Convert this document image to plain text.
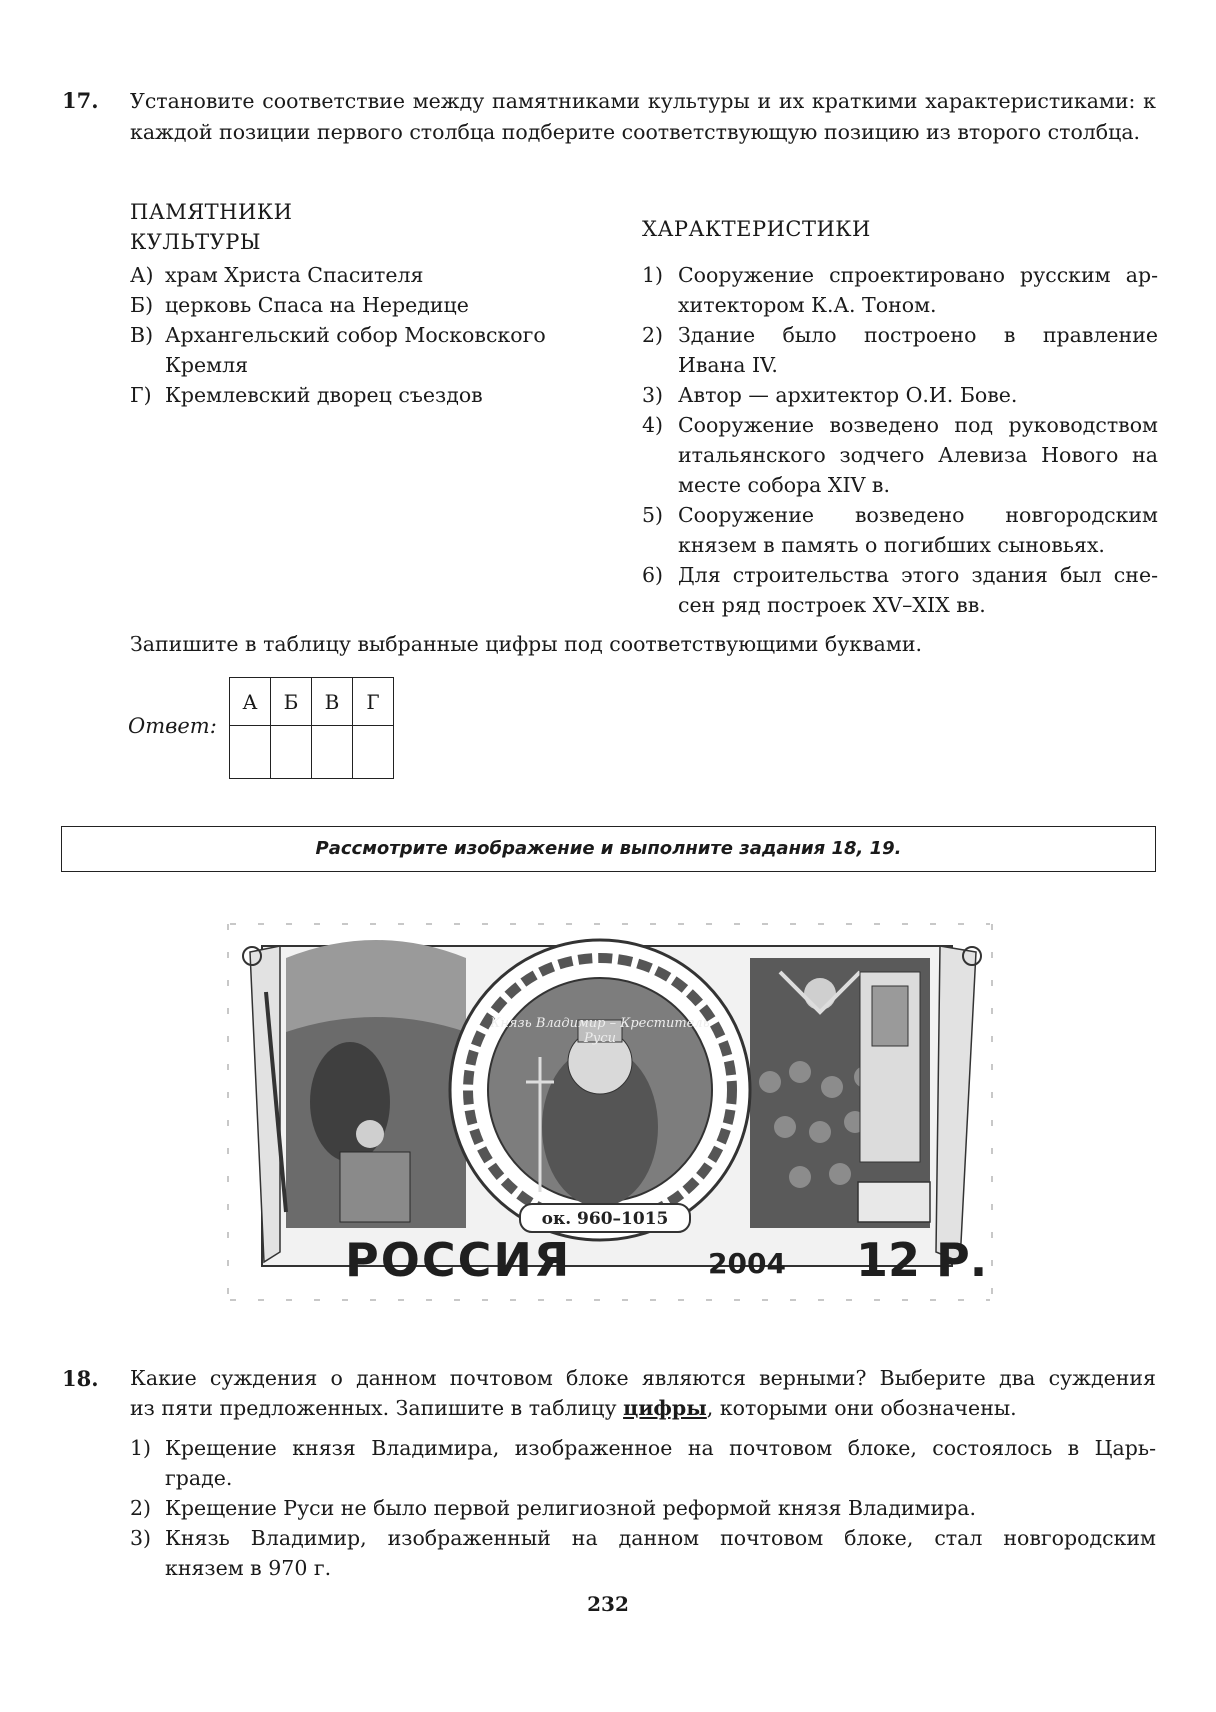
17. Установите соответствие между памятниками культуры и их краткими характеристиками: к каждой позиции первого столбца подберите соответствующую позицию из второго столбца.
ПАМЯТНИКИ
КУЛЬТУРЫ
ХАРАКТЕРИСТИКИ
А) храм Христа Спасителя
Б) церковь Спаса на Нередице
В) Архангельский собор Московского
Кремля
Г) Кремлевский дворец съездов
1) Сооружение спроектировано русским ар-
хитектором К.А. Тоном.
2) Здание было построено в правление
Ивана IV.
3) Автор — архитектор О.И. Бове.
4) Сооружение возведено под руководством
итальянского зодчего Алевиза Нового на
месте собора XIV в.
5) Сооружение возведено новгородским
князем в память о погибших сыновьях.
6) Для строительства этого здания был сне-
сен ряд построек XV–XIX вв.
Запишите в таблицу выбранные цифры под соответствующими буквами.
Ответ:
А	Б	В	Г

Рассмотрите изображение и выполните задания 18, 19.
ок. 960–1015
Князь Владимир – Креститель Руси
РОССИЯ	2004 12 Р.
18. Какие суждения о данном почтовом блоке являются верными? Выберите два суждения
из пяти предложенных. Запишите в таблицу цифры, которыми они обозначены.
1) Крещение князя Владимира, изображенное на почтовом блоке, состоялось в Царь-
граде.
2) Крещение Руси не было первой религиозной реформой князя Владимира.
3) Князь Владимир, изображенный на данном почтовом блоке, стал новгородским
князем в 970 г.
232
